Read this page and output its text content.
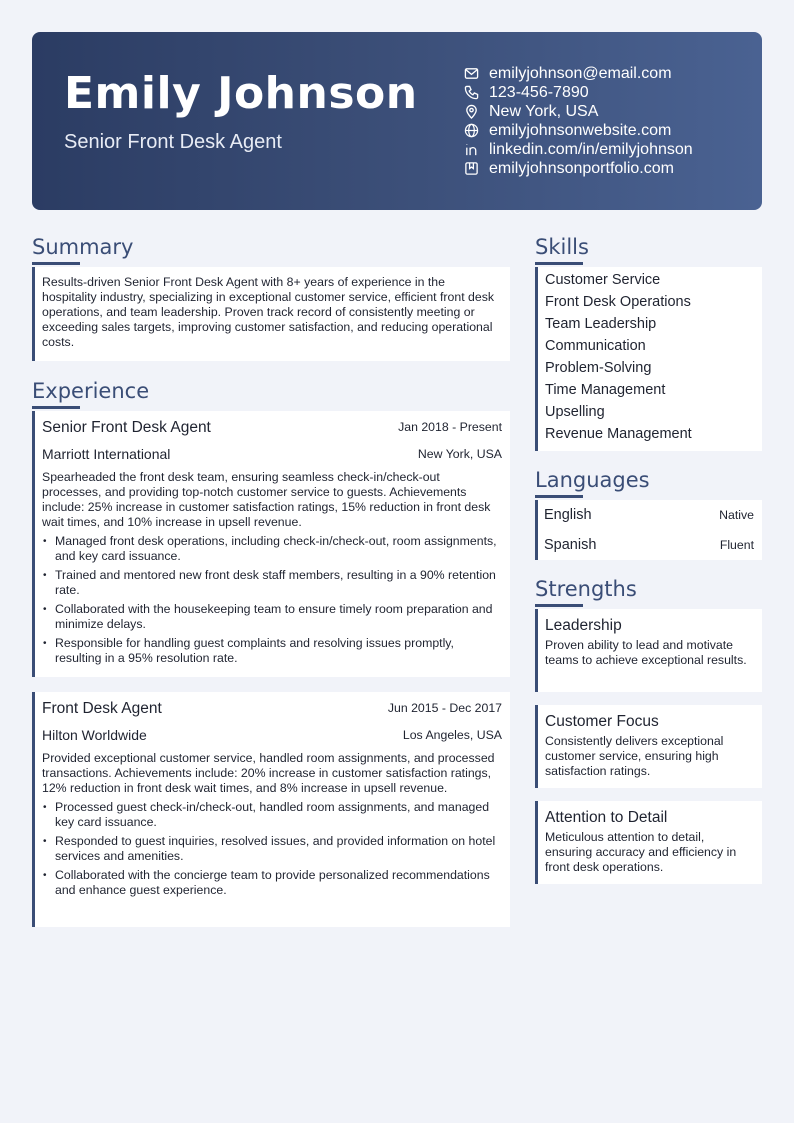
Emily Johnson
Senior Front Desk Agent
emilyjohnson@email.com
123-456-7890
New York, USA
emilyjohnsonwebsite.com
linkedin.com/in/emilyjohnson
emilyjohnsonportfolio.com
Summary

Results-driven Senior Front Desk Agent with 8+ years of experience in the hospitality industry, specializing in exceptional customer service, efficient front desk operations, and team leadership. Proven track record of consistently meeting or exceeding sales targets, improving customer satisfaction, and reducing operational costs.

Experience
Senior Front Desk Agent	Jan 2018 - Present
Marriott International	New York, USA

Spearheaded the front desk team, ensuring seamless check-in/check-out processes, and providing top-notch customer service to guests. Achievements include: 25% increase in customer satisfaction ratings, 15% reduction in front desk wait times, and 10% increase in upsell revenue.

• Managed front desk operations, including check-in/check-out, room assignments, and key card issuance.
• Trained and mentored new front desk staff members, resulting in a 90% retention rate.
• Collaborated with the housekeeping team to ensure timely room preparation and minimize delays.
• Responsible for handling guest complaints and resolving issues promptly, resulting in a 95% resolution rate.
Front Desk Agent	Jun 2015 - Dec 2017
Hilton Worldwide	Los Angeles, USA

Provided exceptional customer service, handled room assignments, and processed transactions. Achievements include: 20% increase in customer satisfaction ratings, 12% reduction in front desk wait times, and 8% increase in upsell revenue.

• Processed guest check-in/check-out, handled room assignments, and managed key card issuance.
• Responded to guest inquiries, resolved issues, and provided information on hotel services and amenities.
• Collaborated with the concierge team to provide personalized recommendations and enhance guest experience.
Skills
Customer Service
Front Desk Operations
Team Leadership
Communication
Problem-Solving
Time Management
Upselling
Revenue Management
Languages
English	Native
Spanish	Fluent
Strengths
Leadership

Proven ability to lead and motivate teams to achieve exceptional results.

Customer Focus

Consistently delivers exceptional customer service, ensuring high satisfaction ratings.

Attention to Detail

Meticulous attention to detail, ensuring accuracy and efficiency in front desk operations.
